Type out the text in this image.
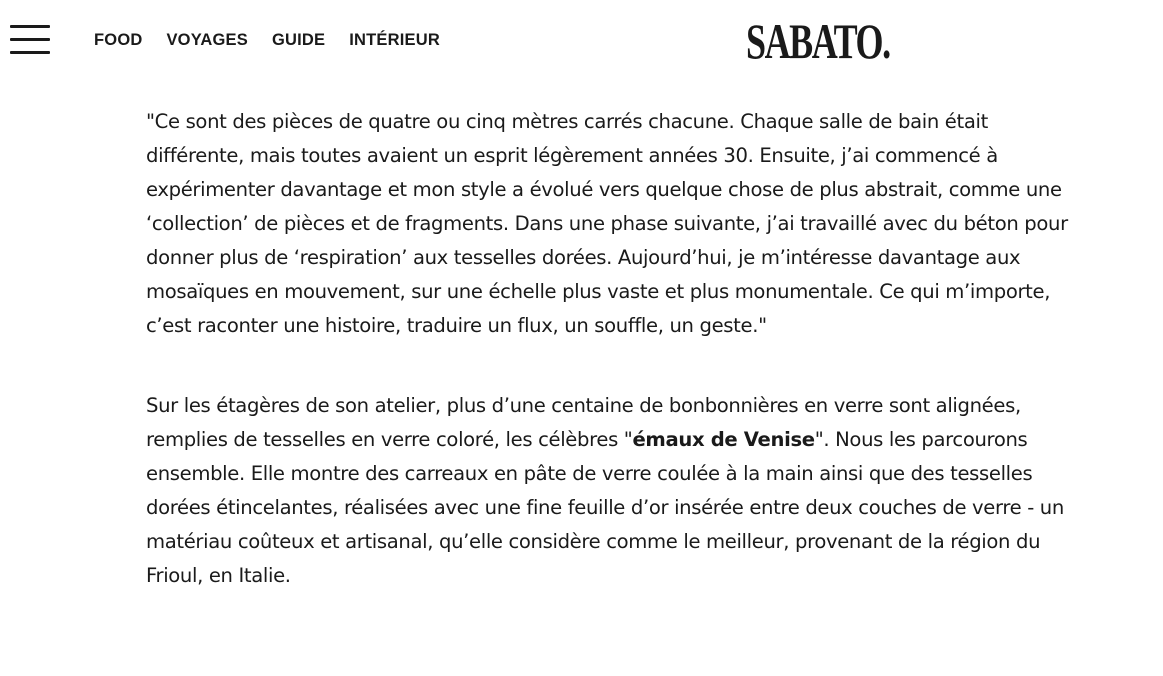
FOOD VOYAGES GUIDE INTÉRIEUR	SABATO.

"Ce sont des pièces de quatre ou cinq mètres carrés chacune. Chaque salle de bain était différente, mais toutes avaient un esprit légèrement années 30. Ensuite, j’ai commencé à expérimenter davantage et mon style a évolué vers quelque chose de plus abstrait, comme une ‘collection’ de pièces et de fragments. Dans une phase suivante, j’ai travaillé avec du béton pour donner plus de ‘respiration’ aux tesselles dorées. Aujourd’hui, je m’intéresse davantage aux mosaïques en mouvement, sur une échelle plus vaste et plus monumentale. Ce qui m’importe, c’est raconter une histoire, traduire un flux, un souffle, un geste."

Sur les étagères de son atelier, plus d’une centaine de bonbonnières en verre sont alignées, remplies de tesselles en verre coloré, les célèbres "émaux de Venise". Nous les parcourons ensemble. Elle montre des carreaux en pâte de verre coulée à la main ainsi que des tesselles dorées étincelantes, réalisées avec une fine feuille d’or insérée entre deux couches de verre - un matériau coûteux et artisanal, qu’elle considère comme le meilleur, provenant de la région du Frioul, en Italie.
